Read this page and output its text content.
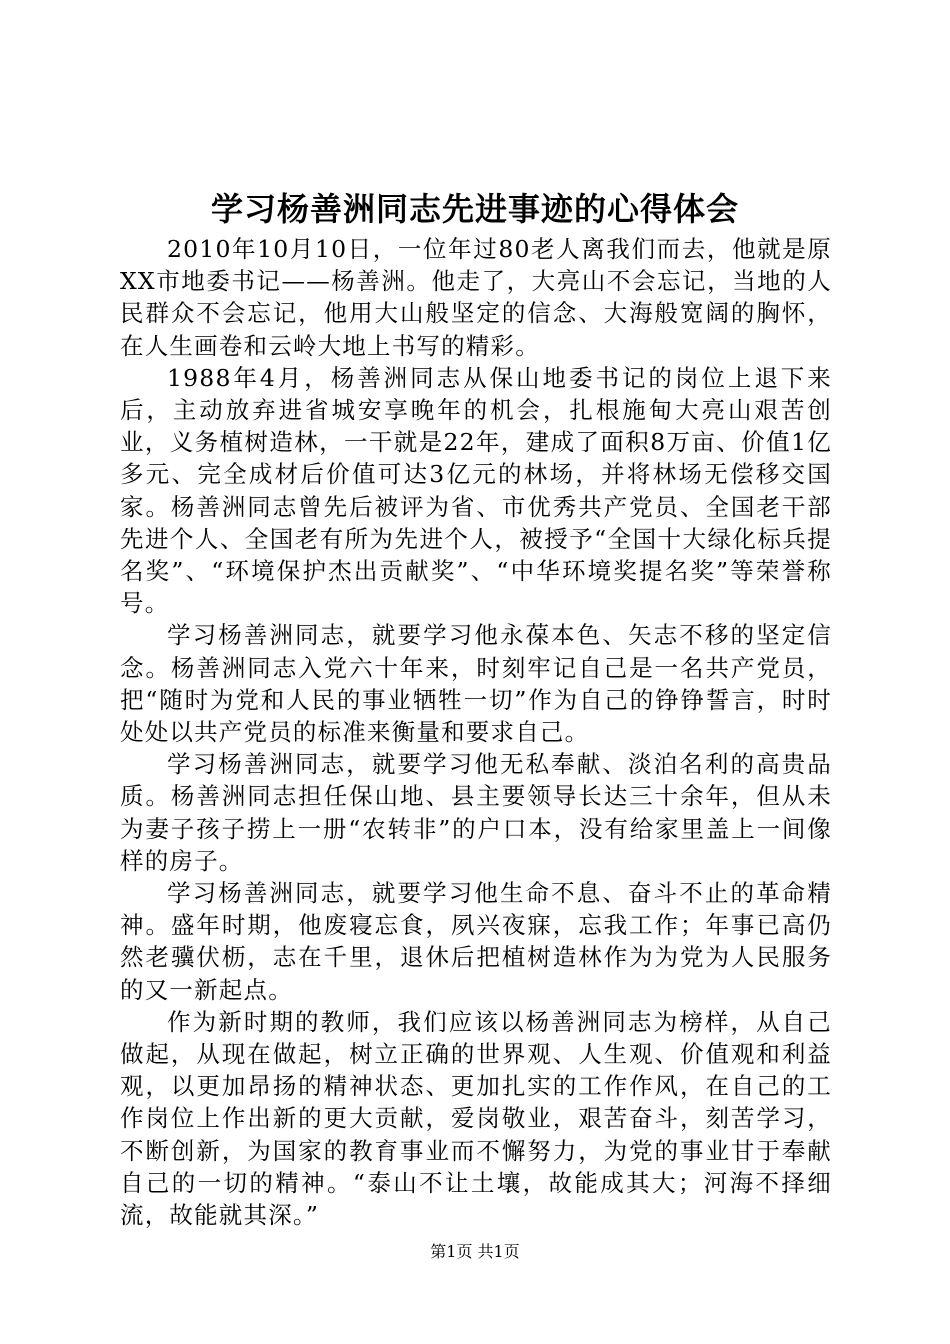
学习杨善洲同志先进事迹的心得体会

2010年10月10日，一位年过80老人离我们而去，他就是原XX市地委书记——杨善洲。他走了，大亮山不会忘记，当地的人民群众不会忘记，他用大山般坚定的信念、大海般宽阔的胸怀，在人生画卷和云岭大地上书写的精彩。

1988年4月，杨善洲同志从保山地委书记的岗位上退下来后，主动放弃进省城安享晚年的机会，扎根施甸大亮山艰苦创业，义务植树造林，一干就是22年，建成了面积8万亩、价值1亿多元、完全成材后价值可达3亿元的林场，并将林场无偿移交国家。杨善洲同志曾先后被评为省、市优秀共产党员、全国老干部先进个人、全国老有所为先进个人，被授予“全国十大绿化标兵提名奖”、“环境保护杰出贡献奖”、“中华环境奖提名奖”等荣誉称号。

学习杨善洲同志，就要学习他永葆本色、矢志不移的坚定信念。杨善洲同志入党六十年来，时刻牢记自己是一名共产党员，把“随时为党和人民的事业牺牲一切”作为自己的铮铮誓言，时时处处以共产党员的标准来衡量和要求自己。

学习杨善洲同志，就要学习他无私奉献、淡泊名利的高贵品质。杨善洲同志担任保山地、县主要领导长达三十余年，但从未为妻子孩子捞上一册“农转非”的户口本，没有给家里盖上一间像样的房子。

学习杨善洲同志，就要学习他生命不息、奋斗不止的革命精神。盛年时期，他废寝忘食，夙兴夜寐，忘我工作；年事已高仍然老骥伏枥，志在千里，退休后把植树造林作为为党为人民服务的又一新起点。

作为新时期的教师，我们应该以杨善洲同志为榜样，从自己做起，从现在做起，树立正确的世界观、人生观、价值观和利益观，以更加昂扬的精神状态、更加扎实的工作作风，在自己的工作岗位上作出新的更大贡献，爱岗敬业，艰苦奋斗，刻苦学习，不断创新，为国家的教育事业而不懈努力，为党的事业甘于奉献自己的一切的精神。“泰山不让土壤，故能成其大；河海不择细流，故能就其深。”

第1页 共1页
